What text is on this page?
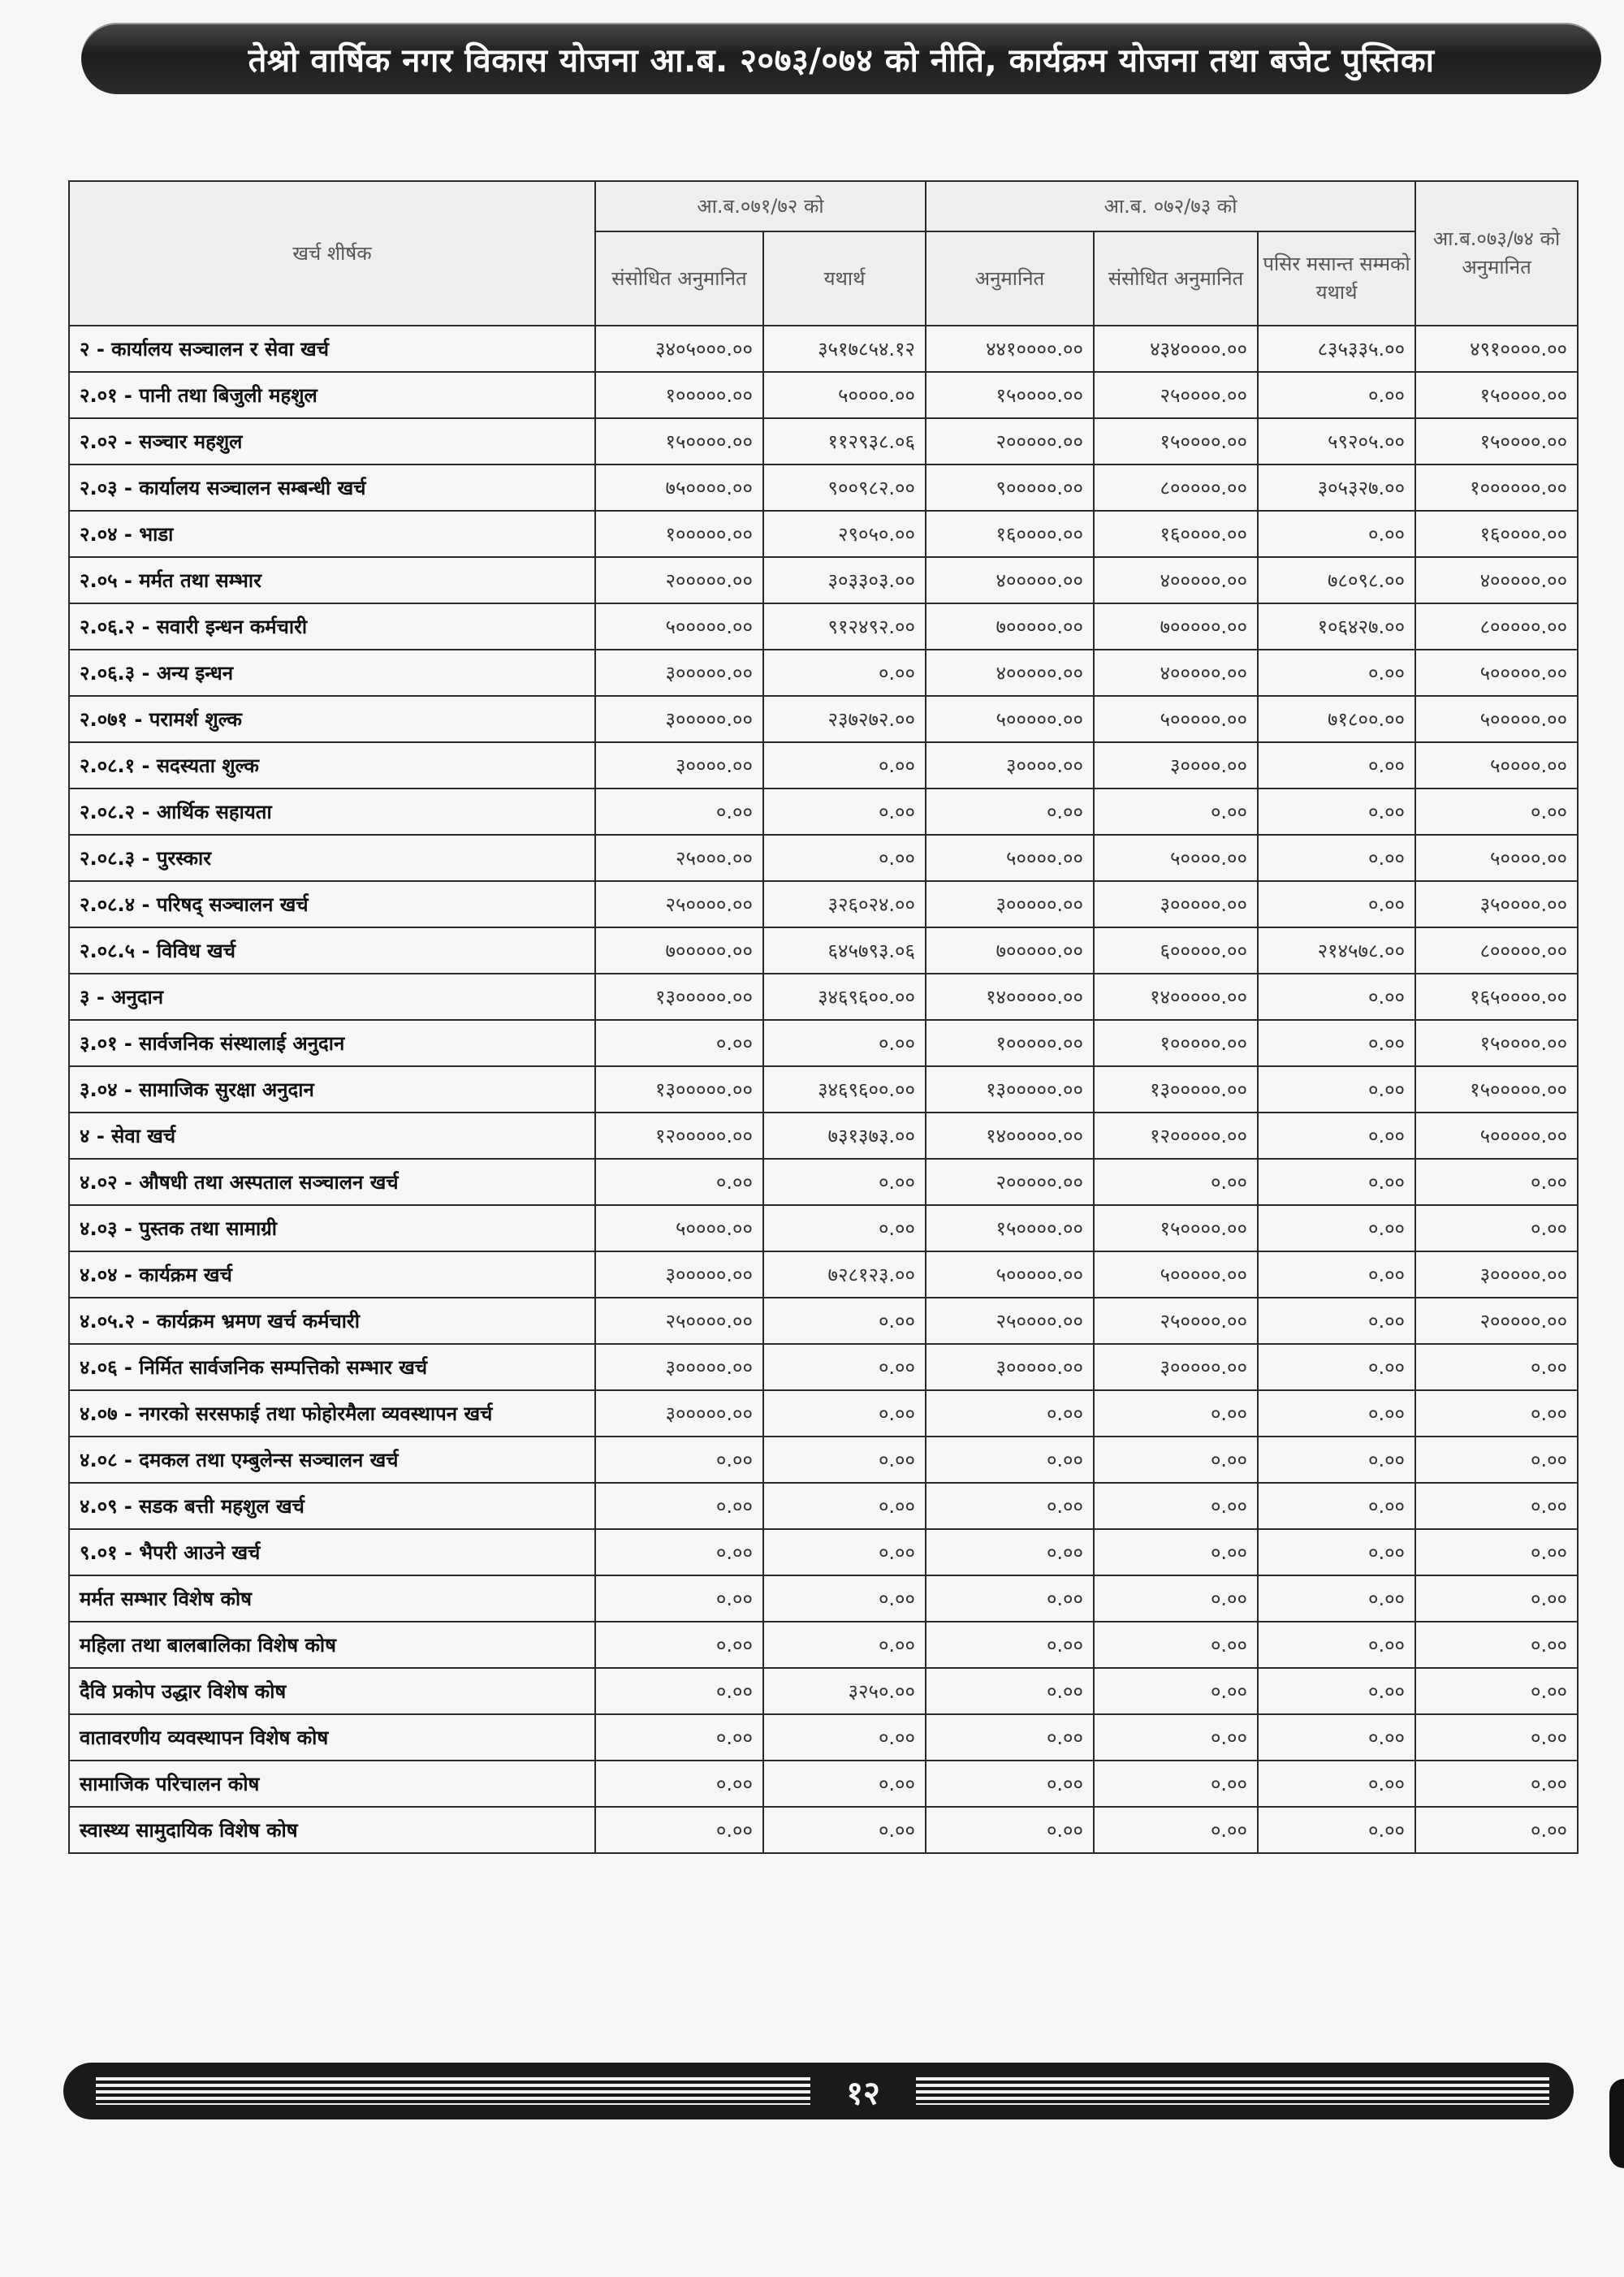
तेश्रो वार्षिक नगर विकास योजना आ.ब. २०७३/०७४ को नीति, कार्यक्रम योजना तथा बजेट पुस्तिका
खर्च शीर्षक	आ.ब.०७१/७२ को		आ.ब. ०७२/७३ को			आ.ब.०७३/७४ को अनुमानित
	संसोधित अनुमानित	यथार्थ	अनुमानित	संसोधित अनुमानित	पसिर मसान्त सम्मको यथार्थ	
२ - कार्यालय सञ्चालन र सेवा खर्च	३४०५०००.००	३५१७८५४.१२	४४१००००.००	४३४००००.००	८३५३३५.००	४९१००००.००
२.०१ - पानी तथा बिजुली महशुल	१०००००.००	५००००.००	१५००००.००	२५००००.००	०.००	१५००००.००
२.०२ - सञ्चार महशुल	१५००००.००	११२९३८.०६	२०००००.००	१५००००.००	५९२०५.००	१५००००.००
२.०३ - कार्यालय सञ्चालन सम्बन्धी खर्च	७५००००.००	९००९८२.००	९०००००.००	८०००००.००	३०५३२७.००	१००००००.००
२.०४ - भाडा	१०००००.००	२९०५०.००	१६००००.००	१६००००.००	०.००	१६००००.००
२.०५ - मर्मत तथा सम्भार	२०००००.००	३०३३०३.००	४०००००.००	४०००००.००	७८०९८.००	४०००००.००
२.०६.२ - सवारी इन्धन कर्मचारी	५०००००.००	९१२४९२.००	७०००००.००	७०००००.००	१०६४२७.००	८०००००.००
२.०६.३ - अन्य इन्धन	३०००००.००	०.००	४०००००.००	४०००००.००	०.००	५०००००.००
२.०७१ - परामर्श शुल्क	३०००००.००	२३७२७२.००	५०००००.००	५०००००.००	७१८००.००	५०००००.००
२.०८.१ - सदस्यता शुल्क	३००००.००	०.००	३००००.००	३००००.००	०.००	५००००.००
२.०८.२ - आर्थिक सहायता	०.००	०.००	०.००	०.००	०.००	०.००
२.०८.३ - पुरस्कार	२५०००.००	०.००	५००००.००	५००००.००	०.००	५००००.००
२.०८.४ - परिषद् सञ्चालन खर्च	२५००००.००	३२६०२४.००	३०००००.००	३०००००.००	०.००	३५००००.००
२.०८.५ - विविध खर्च	७०००००.००	६४५७९३.०६	७०००००.००	६०००००.००	२१४५७८.००	८०००००.००
३ - अनुदान	१३०००००.००	३४६९६००.००	१४०००००.००	१४०००००.००	०.००	१६५००००.००
३.०१ - सार्वजनिक संस्थालाई अनुदान	०.००	०.००	१०००००.००	१०००००.००	०.००	१५००००.००
३.०४ - सामाजिक सुरक्षा अनुदान	१३०००००.००	३४६९६००.००	१३०००००.००	१३०००००.००	०.००	१५०००००.००
४ - सेवा खर्च	१२०००००.००	७३१३७३.००	१४०००००.००	१२०००००.००	०.००	५०००००.००
४.०२ - औषधी तथा अस्पताल सञ्चालन खर्च	०.००	०.००	२०००००.००	०.००	०.००	०.००
४.०३ - पुस्तक तथा सामाग्री	५००००.००	०.००	१५००००.००	१५००००.००	०.००	०.००
४.०४ - कार्यक्रम खर्च	३०००००.००	७२८१२३.००	५०००००.००	५०००००.००	०.००	३०००००.००
४.०५.२ - कार्यक्रम भ्रमण खर्च कर्मचारी	२५००००.००	०.००	२५००००.००	२५००००.००	०.००	२०००००.००
४.०६ - निर्मित सार्वजनिक सम्पत्तिको सम्भार खर्च	३०००००.००	०.००	३०००००.००	३०००००.००	०.००	०.००
४.०७ - नगरको सरसफाई तथा फोहोरमैला व्यवस्थापन खर्च	३०००००.००	०.००	०.००	०.००	०.००	०.००
४.०८ - दमकल तथा एम्बुलेन्स सञ्चालन खर्च	०.००	०.००	०.००	०.००	०.००	०.००
४.०९ - सडक बत्ती महशुल खर्च	०.००	०.००	०.००	०.००	०.००	०.००
९.०१ - भैपरी आउने खर्च	०.००	०.००	०.००	०.००	०.००	०.००
मर्मत सम्भार विशेष कोष	०.००	०.००	०.००	०.००	०.००	०.००
महिला तथा बालबालिका विशेष कोष	०.००	०.००	०.००	०.००	०.००	०.००
दैवि प्रकोप उद्धार विशेष कोष	०.००	३२५०.००	०.००	०.००	०.००	०.००
वातावरणीय व्यवस्थापन विशेष कोष	०.००	०.००	०.००	०.००	०.००	०.००
सामाजिक परिचालन कोष	०.००	०.००	०.००	०.००	०.००	०.००
स्वास्थ्य सामुदायिक विशेष कोष	०.००	०.००	०.००	०.००	०.००	०.००
१२
